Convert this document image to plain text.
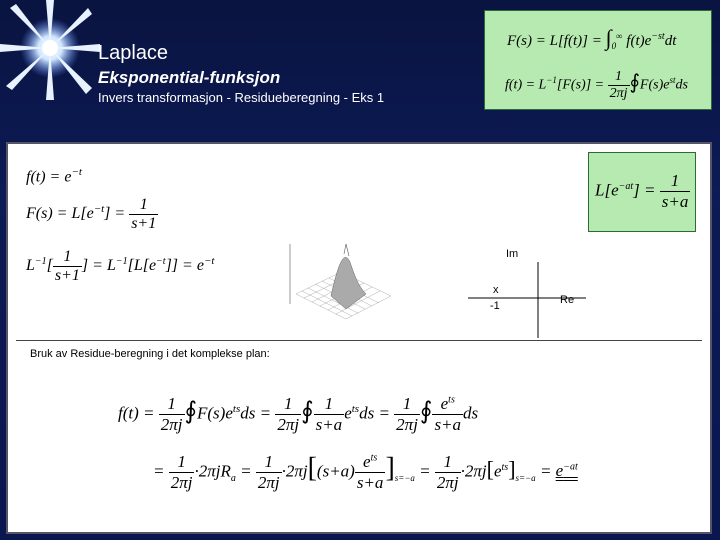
Laplace
Eksponential-funksjon
Invers transformasjon - Residueberegning - Eks 1
$F(s) = L[f(t)] = \int_0^\infty$ $f(t)e^{-st}dt$
$f(t) = L^{-1}[F(s)] = \frac{1}{2\pi j}$ $∮F(s)e^{st}ds$
$f(t) = e^{-t}$
$F(s) = L[e^{-t}] = \frac{1}{s+1}$
$L^{-1}[ \frac{1}{s+1}$ ] = $L^{-1}[L[e^{-t}]] = e^{-t}$
Im
x
-1	Re
$L[e^{-at}] = \frac{1}{s+a}$
Bruk av Residue-beregning i det komplekse plan:
$f(t) = \frac{1}{2\pi j}$ $∮F(s)e^{ts}ds = \frac{1}{2\pi j}$ ∮ $\frac{1}{s+a} e^{ts}ds = \frac{1}{2\pi j}$ ∮ $\frac{e^{ts}}{s+a}$ ds
= $\frac{1}{2\pi j} \cdot 2\pi jR_a = \frac{1}{2\pi j} \cdot 2\pi j[(s+a) \frac{e^{ts}}{s+a} ]_{s=-a} = \frac{1}{2\pi j} \cdot 2\pi j[e^{ts}]_{s=-a} = e^{-at}$
